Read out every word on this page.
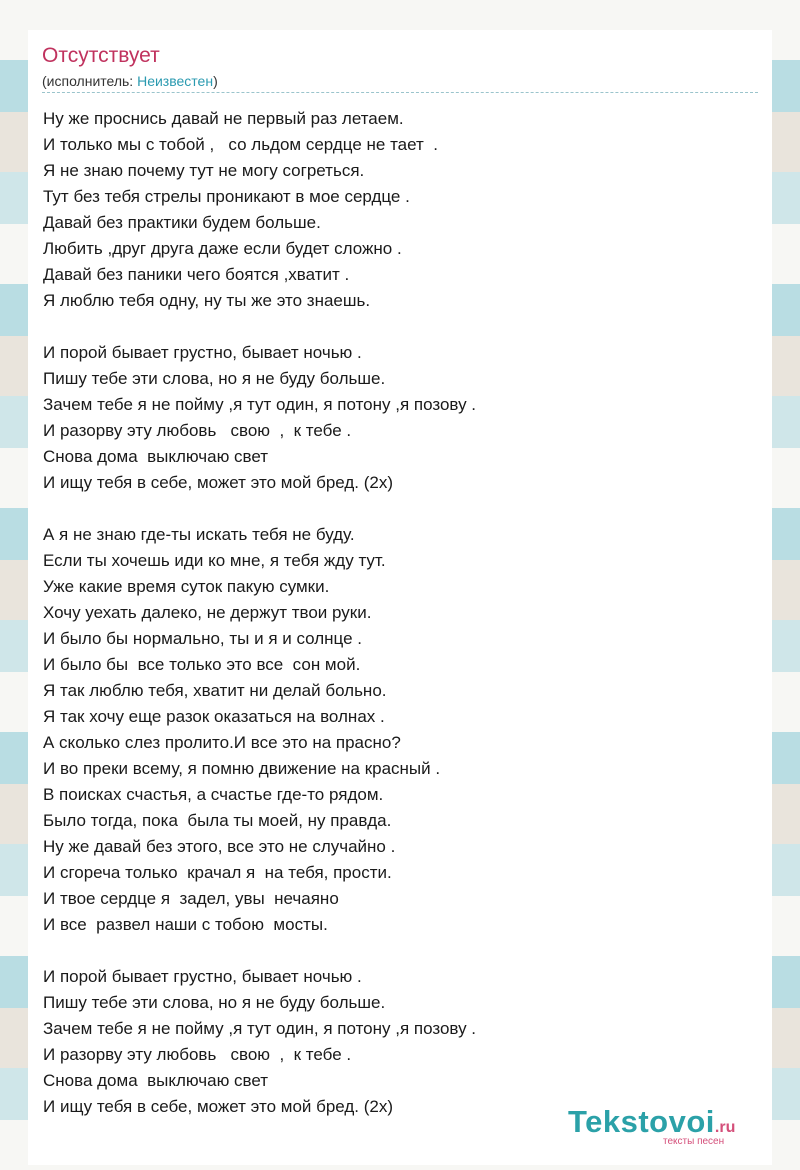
Отсутствует
(исполнитель: Неизвестен)
Ну же проснись давай не первый раз летаем.
И только мы с тобой ,   со льдом сердце не тает  .
Я не знаю почему тут не могу согреться.
Тут без тебя стрелы проникают в мое сердце .
Давай без практики будем больше.
Любить ,друг друга даже если будет сложно .
Давай без паники чего боятся ,хватит .
Я люблю тебя одну, ну ты же это знаешь.
И порой бывает грустно, бывает ночью .
Пишу тебе эти слова, но я не буду больше.
Зачем тебе я не пойму ,я тут один, я потону ,я позову .
И разорву эту любовь   свою  ,  к тебе .
Снова дома  выключаю свет
И ищу тебя в себе, может это мой бред. (2х)
А я не знаю где-ты искать тебя не буду.
Если ты хочешь иди ко мне, я тебя жду тут.
Уже какие время суток пакую сумки.
Хочу уехать далеко, не держут твои руки.
И было бы нормально, ты и я и солнце .
И было бы  все только это все  сон мой.
Я так люблю тебя, хватит ни делай больно.
Я так хочу еще разок оказаться на волнах .
А сколько слез пролито.И все это на прасно?
И во преки всему, я помню движение на красный .
В поисках счастья, а счастье где-то рядом.
Было тогда, пока  была ты моей, ну правда.
Ну же давай без этого, все это не случайно .
И сгореча только  крачал я  на тебя, прости.
И твое сердце я  задел, увы  нечаяно
И все  развел наши с тобою  мосты.
И порой бывает грустно, бывает ночью .
Пишу тебе эти слова, но я не буду больше.
Зачем тебе я не пойму ,я тут один, я потону ,я позову .
И разорву эту любовь   свою  ,  к тебе .
Снова дома  выключаю свет
И ищу тебя в себе, может это мой бред. (2х)	Tekstovoi.ru
тексты песен
